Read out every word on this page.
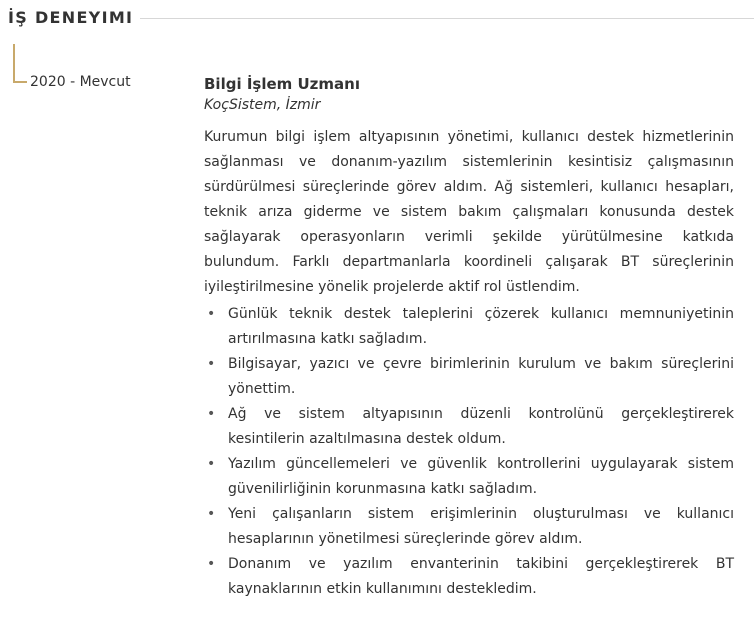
İŞ DENEYIMI
2020 - Mevcut	Bilgi İşlem Uzmanı
KoçSistem, İzmir
Kurumun bilgi işlem altyapısının yönetimi, kullanıcı destek hizmetlerinin sağlanması ve donanım-yazılım sistemlerinin kesintisiz çalışmasının sürdürülmesi süreçlerinde görev aldım. Ağ sistemleri, kullanıcı hesapları, teknik arıza giderme ve sistem bakım çalışmaları konusunda destek sağlayarak operasyonların verimli şekilde yürütülmesine katkıda bulundum. Farklı departmanlarla koordineli çalışarak BT süreçlerinin iyileştirilmesine yönelik projelerde aktif rol üstlendim.
• Günlük teknik destek taleplerini çözerek kullanıcı memnuniyetinin artırılmasına katkı sağladım.
• Bilgisayar, yazıcı ve çevre birimlerinin kurulum ve bakım süreçlerini yönettim.
• Ağ ve sistem altyapısının düzenli kontrolünü gerçekleştirerek kesintilerin azaltılmasına destek oldum.
• Yazılım güncellemeleri ve güvenlik kontrollerini uygulayarak sistem güvenilirliğinin korunmasına katkı sağladım.
• Yeni çalışanların sistem erişimlerinin oluşturulması ve kullanıcı hesaplarının yönetilmesi süreçlerinde görev aldım.
• Donanım ve yazılım envanterinin takibini gerçekleştirerek BT kaynaklarının etkin kullanımını destekledim.
